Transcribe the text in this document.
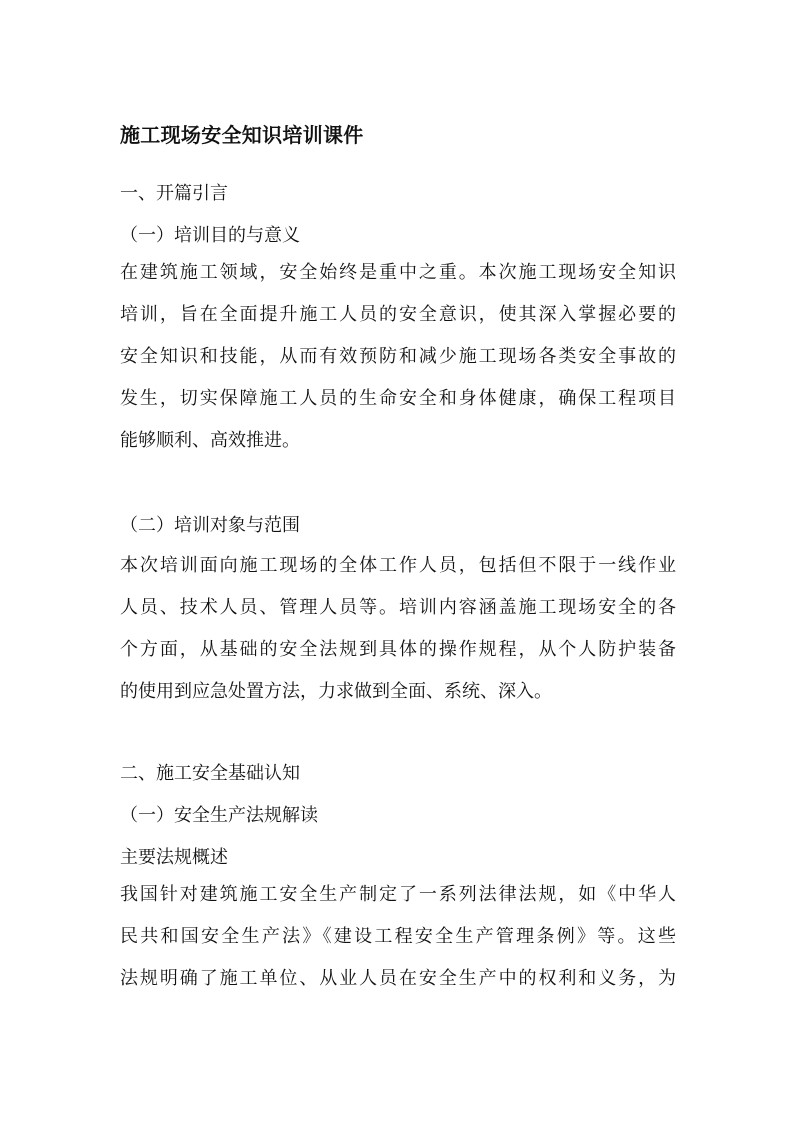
施工现场安全知识培训课件
一、开篇引言
（一）培训目的与意义
在建筑施工领域，安全始终是重中之重。本次施工现场安全知识
培训，旨在全面提升施工人员的安全意识，使其深入掌握必要的
安全知识和技能，从而有效预防和减少施工现场各类安全事故的
发生，切实保障施工人员的生命安全和身体健康，确保工程项目
能够顺利、高效推进。
（二）培训对象与范围
本次培训面向施工现场的全体工作人员，包括但不限于一线作业
人员、技术人员、管理人员等。培训内容涵盖施工现场安全的各
个方面，从基础的安全法规到具体的操作规程，从个人防护装备
的使用到应急处置方法，力求做到全面、系统、深入。
二、施工安全基础认知
（一）安全生产法规解读
主要法规概述
我国针对建筑施工安全生产制定了一系列法律法规，如《中华人
民共和国安全生产法》《建设工程安全生产管理条例》等。这些
法规明确了施工单位、从业人员在安全生产中的权利和义务，为
